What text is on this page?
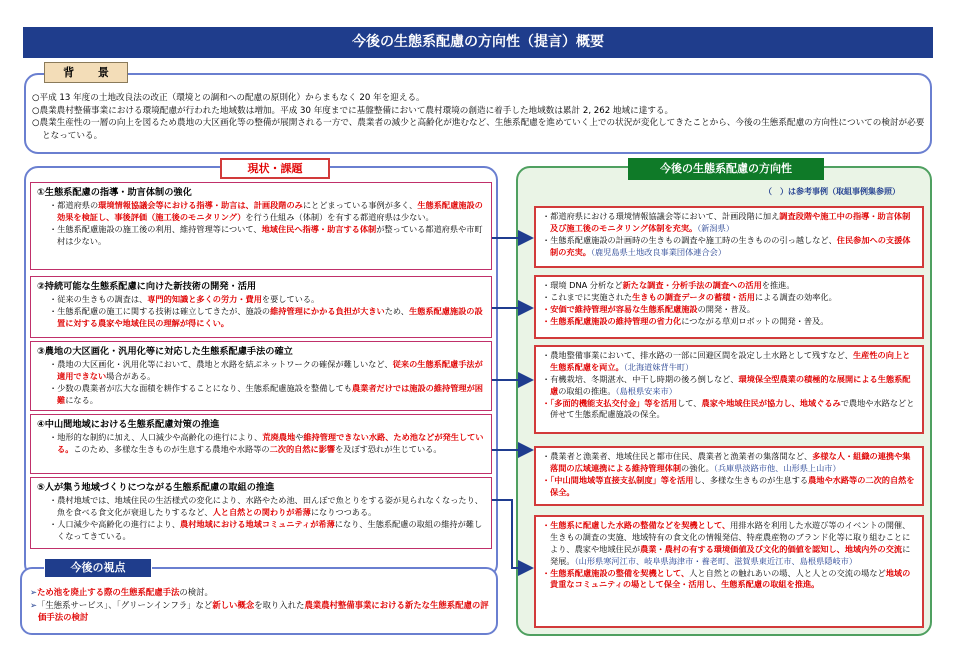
今後の生態系配慮の方向性（提言）概要
背 景
○平成 13 年度の土地改良法の改正（環境との調和への配慮の原則化）からまもなく 20 年を迎える。
○農業農村整備事業における環境配慮が行われた地域数は増加。平成 30 年度までに基盤整備において農村環境の創造に着手した地域数は累計 2, 262 地域に達する。
○農業生産性の一層の向上を図るため農地の大区画化等の整備が展開される一方で、農業者の減少と高齢化が進むなど、生態系配慮を進めていく上での状況が変化してきたことから、今後の生態系配慮の方向性についての検討が必要となっている。
現状・課題
①生態系配慮の指導・助言体制の強化
・都道府県の環境情報協議会等における指導・助言は、計画段階のみにとどまっている事例が多く、生態系配慮施設の効果を検証し、事後評価（施工後のモニタリング）を行う仕組み（体制）を有する都道府県は少ない。
・生態系配慮施設の施工後の利用、維持管理等について、地域住民へ指導・助言する体制が整っている都道府県や市町村は少ない。
②持続可能な生態系配慮に向けた新技術の開発・活用
・従来の生きもの調査は、専門的知識と多くの労力・費用を要している。
・生態系配慮の施工に関する技術は確立してきたが、施設の維持管理にかかる負担が大きいため、生態系配慮施設の設置に対する農家や地域住民の理解が得にくい。
③農地の大区画化・汎用化等に対応した生態系配慮手法の確立
・農地の大区画化・汎用化等において、農地と水路を結ぶネットワークの確保が難しいなど、従来の生態系配慮手法が適用できない場合がある。
・少数の農業者が広大な面積を耕作することになり、生態系配慮施設を整備しても農業者だけでは施設の維持管理が困難になる。
④中山間地域における生態系配慮対策の推進
・地形的な制約に加え、人口減少や高齢化の進行により、荒廃農地や維持管理できない水路、ため池などが発生している。このため、多様な生きものが生息する農地や水路等の二次的自然に影響を及ぼす恐れが生じている。
⑤人が集う地域づくりにつながる生態系配慮の取組の推進
・農村地域では、地域住民の生活様式の変化により、水路やため池、田んぼで魚とりをする姿が見られなくなったり、魚を食べる食文化が衰退したりするなど、人と自然との関わりが希薄になりつつある。
・人口減少や高齢化の進行により、農村地域における地域コミュニティが希薄になり、生態系配慮の取組の維持が難しくなってきている。
今後の生態系配慮の方向性
（　）は参考事例（取組事例集参照）
・都道府県における環境情報協議会等において、計画段階に加え調査段階や施工中の指導・助言体制及び施工後のモニタリング体制を充実。（新潟県）
・生態系配慮施設の計画時の生きもの調査や施工時の生きものの引っ越しなど、住民参加への支援体制の充実。（鹿児島県土地改良事業団体連合会）
・環境 DNA 分析など新たな調査・分析手法の調査への活用を推進。
・これまでに実施された生きもの調査データの蓄積・活用による調査の効率化。
・安価で維持管理が容易な生態系配慮施設の開発・普及。
・生態系配慮施設の維持管理の省力化につながる草刈ロボットの開発・普及。
・農地整備事業において、排水路の一部に回避区間を設定し土水路として残すなど、生産性の向上と生態系配慮を両立。（北海道妹背牛町）
・有機栽培、冬期湛水、中干し時期の後ろ倒しなど、環境保全型農業の積極的な展開による生態系配慮の取組の推進。（島根県安来市）
・「多面的機能支払交付金」等を活用して、農家や地域住民が協力し、地域ぐるみで農地や水路などと併せて生態系配慮施設の保全。
・農業者と漁業者、地域住民と都市住民、農業者と漁業者の集落間など、多様な人・組織の連携や集落間の広域連携による維持管理体制の強化。（兵庫県淡路市他、山形県上山市）
・「中山間地域等直接支払制度」等を活用し、多様な生きものが生息する農地や水路等の二次的自然を保全。
・生態系に配慮した水路の整備などを契機として、用排水路を利用した水遊び等のイベントの開催、生きもの調査の実施、地域特有の食文化の情報発信、特産農産物のブランド化等に取り組むことにより、農家や地域住民が農業・農村の有する環境価値及び文化的価値を認知し、地域内外の交流に発展。（山形県寒河江市、岐阜県海津市・養老町、滋賀県東近江市、島根県隠岐市）
・生態系配慮施設の整備を契機として、人と自然との触れあいの場、人と人との交流の場など地域の貴重なコミュニティの場として保全・活用し、生態系配慮の取組を推進。
今後の視点
➢ため池を廃止する際の生態系配慮手法の検討。
➢「生態系サービス」、「グリーンインフラ」など新しい概念を取り入れた農業農村整備事業における新たな生態系配慮の評価手法の検討
